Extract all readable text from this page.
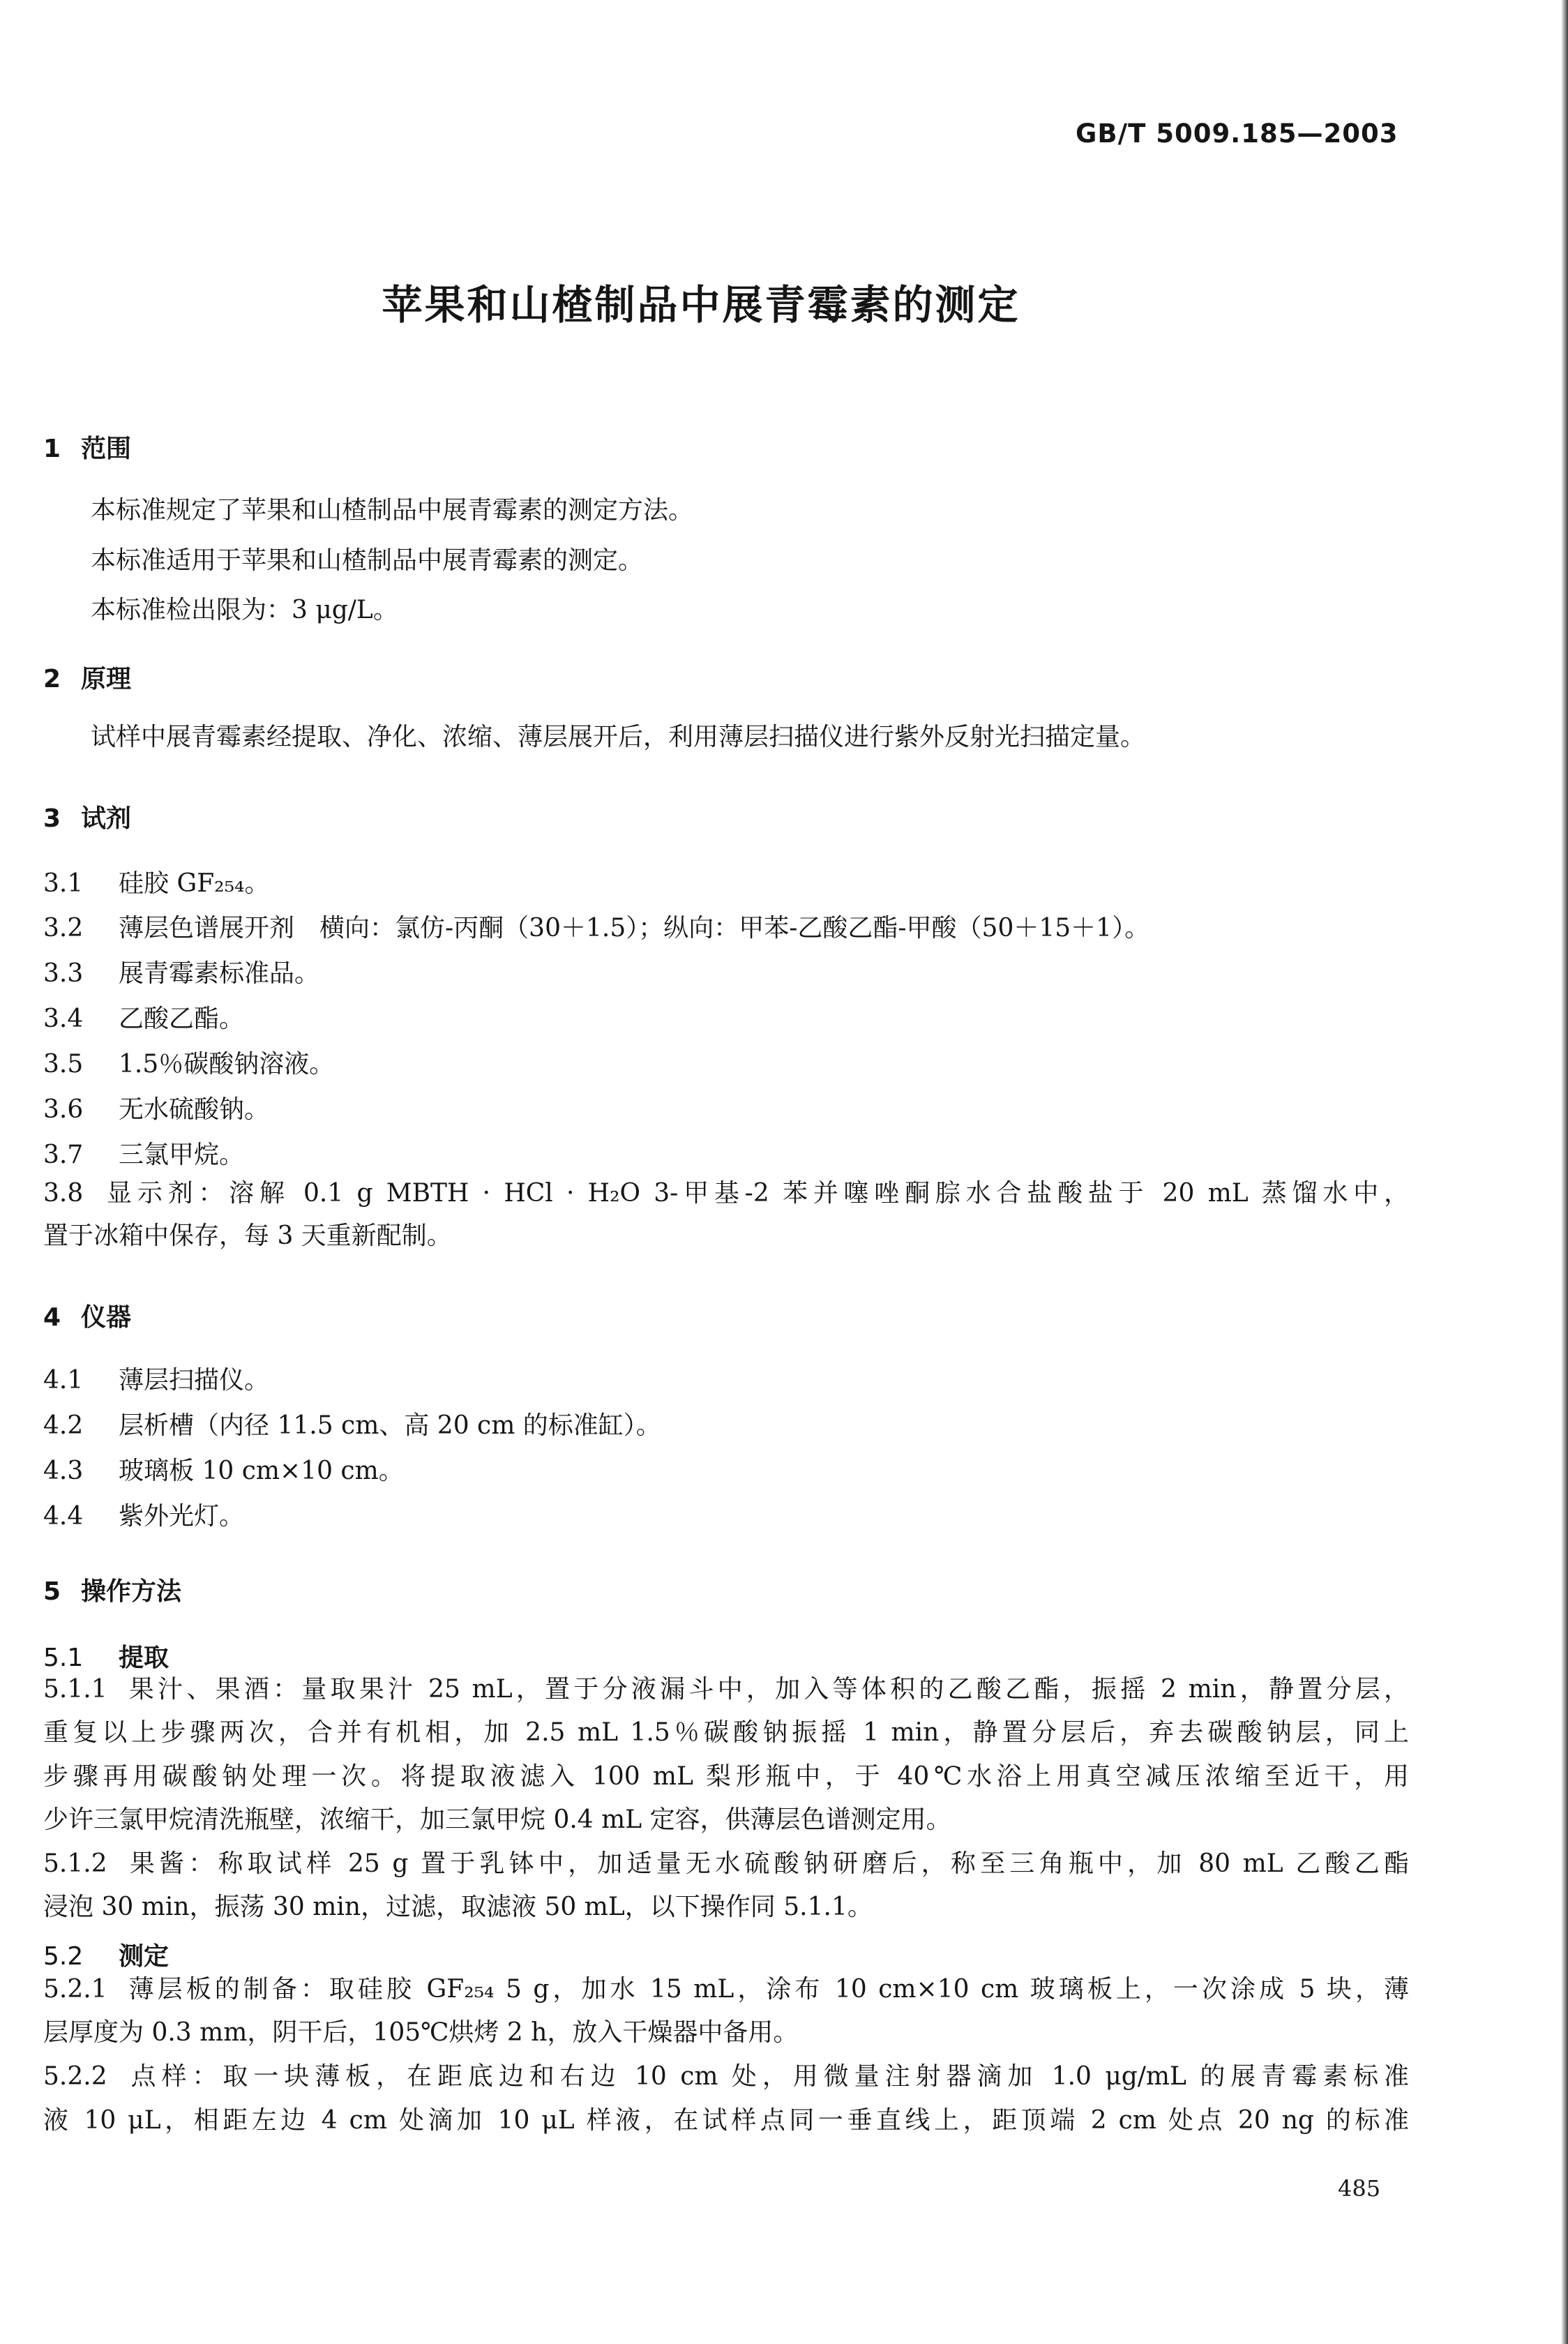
GB/T 5009.185—2003
苹果和山楂制品中展青霉素的测定
1 范围
本标准规定了苹果和山楂制品中展青霉素的测定方法。
本标准适用于苹果和山楂制品中展青霉素的测定。
本标准检出限为：3 μg/L。
2 原理
试样中展青霉素经提取、净化、浓缩、薄层展开后，利用薄层扫描仪进行紫外反射光扫描定量。
3 试剂
3.1 硅胶 GF₂₅₄。
3.2 薄层色谱展开剂　横向：氯仿-丙酮（30＋1.5）；纵向：甲苯-乙酸乙酯-甲酸（50＋15＋1）。
3.3 展青霉素标准品。
3.4 乙酸乙酯。
3.5 1.5％碳酸钠溶液。
3.6 无水硫酸钠。
3.7 三氯甲烷。
3.8 显示剂：溶解 0.1 g MBTH · HCl · H₂O 3-甲基-2 苯并噻唑酮腙水合盐酸盐于 20 mL 蒸馏水中，
置于冰箱中保存，每 3 天重新配制。
4 仪器
4.1 薄层扫描仪。
4.2 层析槽（内径 11.5 cm、高 20 cm 的标准缸）。
4.3 玻璃板 10 cm×10 cm。
4.4 紫外光灯。
5 操作方法
5.1 提取
5.1.1 果汁、果酒：量取果汁 25 mL，置于分液漏斗中，加入等体积的乙酸乙酯，振摇 2 min，静置分层，
重复以上步骤两次，合并有机相，加 2.5 mL 1.5％碳酸钠振摇 1 min，静置分层后，弃去碳酸钠层，同上
步骤再用碳酸钠处理一次。将提取液滤入 100 mL 梨形瓶中，于 40℃水浴上用真空减压浓缩至近干，用
少许三氯甲烷清洗瓶壁，浓缩干，加三氯甲烷 0.4 mL 定容，供薄层色谱测定用。
5.1.2 果酱：称取试样 25 g 置于乳钵中，加适量无水硫酸钠研磨后，称至三角瓶中，加 80 mL 乙酸乙酯
浸泡 30 min，振荡 30 min，过滤，取滤液 50 mL，以下操作同 5.1.1。
5.2 测定
5.2.1 薄层板的制备：取硅胶 GF₂₅₄ 5 g，加水 15 mL，涂布 10 cm×10 cm 玻璃板上，一次涂成 5 块，薄
层厚度为 0.3 mm，阴干后，105℃烘烤 2 h，放入干燥器中备用。
5.2.2 点样：取一块薄板，在距底边和右边 10 cm 处，用微量注射器滴加 1.0 μg/mL 的展青霉素标准
液 10 μL，相距左边 4 cm 处滴加 10 μL 样液，在试样点同一垂直线上，距顶端 2 cm 处点 20 ng 的标准
485
